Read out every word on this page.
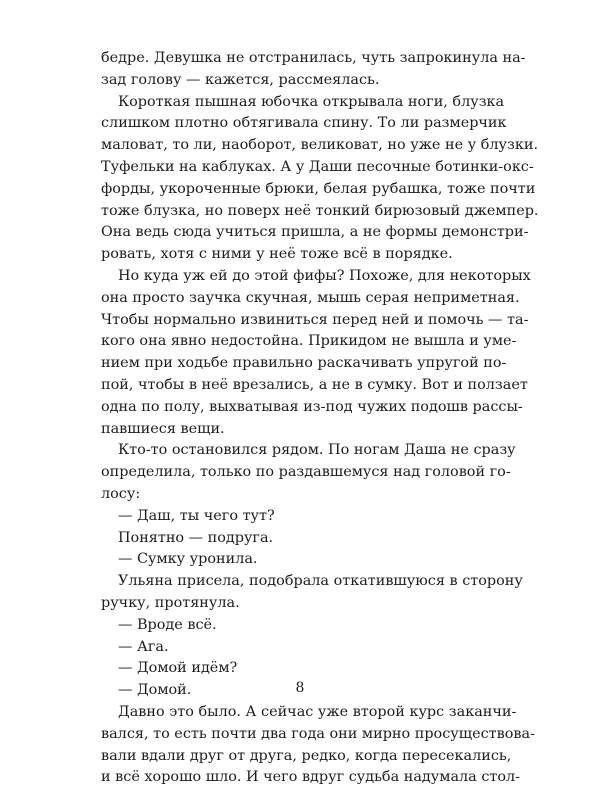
бедре. Девушка не отстранилась, чуть запрокинула на-
зад голову — кажется, рассмеялась.
Короткая пышная юбочка открывала ноги, блузка
слишком плотно обтягивала спину. То ли размерчик
маловат, то ли, наоборот, великоват, но уже не у блузки.
Туфельки на каблуках. А у Даши песочные ботинки-окс-
форды, укороченные брюки, белая рубашка, тоже почти
тоже блузка, но поверх неё тонкий бирюзовый джемпер.
Она ведь сюда учиться пришла, а не формы демонстри-
ровать, хотя с ними у неё тоже всё в порядке.
Но куда уж ей до этой фифы? Похоже, для некоторых
она просто заучка скучная, мышь серая неприметная.
Чтобы нормально извиниться перед ней и помочь — та-
кого она явно недостойна. Прикидом не вышла и уме-
нием при ходьбе правильно раскачивать упругой по-
пой, чтобы в неё врезались, а не в сумку. Вот и ползает
одна по полу, выхватывая из-под чужих подошв рассы-
павшиеся вещи.
Кто-то остановился рядом. По ногам Даша не сразу
определила, только по раздавшемуся над головой го-
лосу:
— Даш, ты чего тут?
Понятно — подруга.
— Сумку уронила.
Ульяна присела, подобрала откатившуюся в сторону
ручку, протянула.
— Вроде всё.
— Ага.
— Домой идём?
— Домой.
Давно это было. А сейчас уже второй курс заканчи-
вался, то есть почти два года они мирно просуществова-
вали вдали друг от друга, редко, когда пересекались,
и всё хорошо шло. И чего вдруг судьба надумала стол-
8
